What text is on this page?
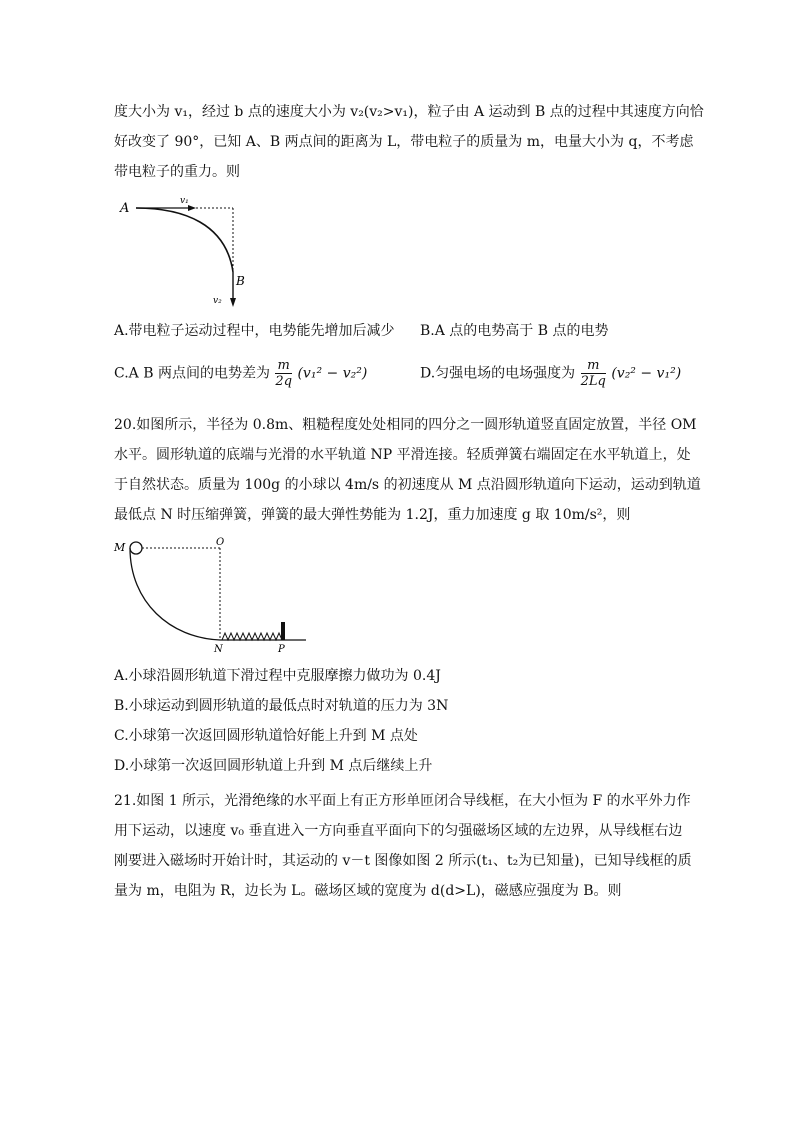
度大小为 v₁，经过 b 点的速度大小为 v₂(v₂>v₁)，粒子由 A 运动到 B 点的过程中其速度方向恰
好改变了 90°，已知 A、B 两点间的距离为 L，带电粒子的质量为 m，电量大小为 q，不考虑
带电粒子的重力。则
A	v₁
B
v₂
A.带电粒子运动过程中，电势能先增加后减少 B.A 点的电势高于 B 点的电势
C.A B 两点间的电势差为 $\frac{m}{2q} (v_1^2 - v_2^2)$	D.匀强电场的电场强度为 $\frac{m}{2Lq} (v_2^2 - v_1^2)$
20.如图所示，半径为 0.8m、粗糙程度处处相同的四分之一圆形轨道竖直固定放置，半径 OM
水平。圆形轨道的底端与光滑的水平轨道 NP 平滑连接。轻质弹簧右端固定在水平轨道上，处
于自然状态。质量为 100g 的小球以 4m/s 的初速度从 M 点沿圆形轨道向下运动，运动到轨道
最低点 N 时压缩弹簧，弹簧的最大弹性势能为 1.2J，重力加速度 g 取 10m/s²，则
M	O
N	P
A.小球沿圆形轨道下滑过程中克服摩擦力做功为 0.4J
B.小球运动到圆形轨道的最低点时对轨道的压力为 3N
C.小球第一次返回圆形轨道恰好能上升到 M 点处
D.小球第一次返回圆形轨道上升到 M 点后继续上升
21.如图 1 所示，光滑绝缘的水平面上有正方形单匝闭合导线框，在大小恒为 F 的水平外力作
用下运动，以速度 v₀ 垂直进入一方向垂直平面向下的匀强磁场区域的左边界，从导线框右边
刚要进入磁场时开始计时，其运动的 v－t 图像如图 2 所示(t₁、t₂为已知量)，已知导线框的质
量为 m，电阻为 R，边长为 L。磁场区域的宽度为 d(d>L)，磁感应强度为 B。则
